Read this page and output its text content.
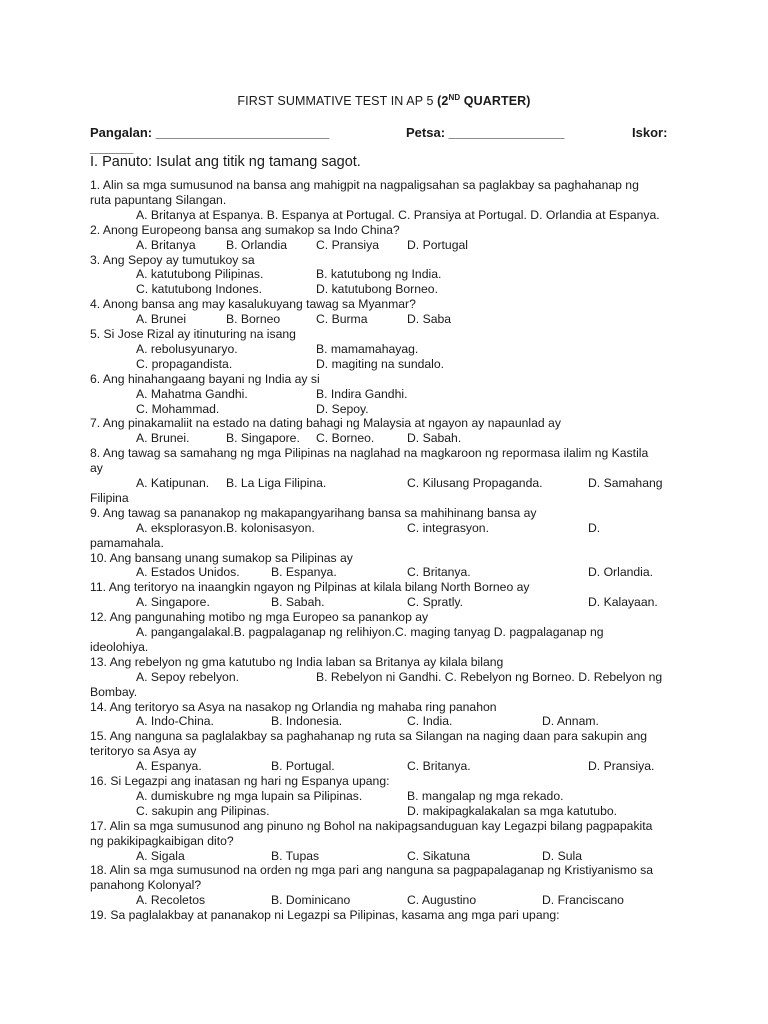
FIRST SUMMATIVE TEST IN AP 5 (2ND QUARTER)
Pangalan: ________________________	Petsa: ________________	Iskor:
______
I. Panuto: Isulat ang titik ng tamang sagot.
1. Alin sa mga sumusunod na bansa ang mahigpit na nagpaligsahan sa paglakbay sa paghahanap ng
ruta papuntang Silangan.
A. Britanya at Espanya. B. Espanya at Portugal. C. Pransiya at Portugal. D. Orlandia at Espanya.
2. Anong Europeong bansa ang sumakop sa Indo China?
A. Britanya B. Orlandia C. Pransiya D. Portugal
3. Ang Sepoy ay tumutukoy sa
A. katutubong Pilipinas.	B. katutubong ng India.
C. katutubong Indones.	D. katutubong Borneo.
4. Anong bansa ang may kasalukuyang tawag sa Myanmar?
A. Brunei	B. Borneo	C. Burma	D. Saba
5. Si Jose Rizal ay itinuturing na isang
A. rebolusyunaryo.	B. mamamahayag.
C. propagandista.	D. magiting na sundalo.
6. Ang hinahangaang bayani ng India ay si
A. Mahatma Gandhi.	B. Indira Gandhi.
C. Mohammad.	D. Sepoy.
7. Ang pinakamaliit na estado na dating bahagi ng Malaysia at ngayon ay napaunlad ay
A. Brunei.	B. Singapore. C. Borneo.	D. Sabah.
8. Ang tawag sa samahang ng mga Pilipinas na naglahad na magkaroon ng repormasa ilalim ng Kastila
ay
A. Katipunan. B. La Liga Filipina.	C. Kilusang Propaganda.	D. Samahang
Filipina
9. Ang tawag sa pananakop ng makapangyarihang bansa sa mahihinang bansa ay
A. eksplorasyon. B. kolonisasyon.	C. integrasyon.	D.
pamamahala.
10. Ang bansang unang sumakop sa Pilipinas ay
A. Estados Unidos.	B. Espanya.	C. Britanya.	D. Orlandia.
11. Ang teritoryo na inaangkin ngayon ng Pilpinas at kilala bilang North Borneo ay
A. Singapore.	B. Sabah.	C. Spratly.	D. Kalayaan.
12. Ang pangunahing motibo ng mga Europeo sa panankop ay
A. pangangalakal.B. pagpalaganap ng relihiyon.C. maging tanyag D. pagpalaganap ng
ideolohiya.
13. Ang rebelyon ng gma katutubo ng India laban sa Britanya ay kilala bilang
A. Sepoy rebelyon.	B. Rebelyon ni Gandhi. C. Rebelyon ng Borneo. D. Rebelyon ng
Bombay.
14. Ang teritoryo sa Asya na nasakop ng Orlandia ng mahaba ring panahon
A. Indo-China.	B. Indonesia.	C. India.	D. Annam.
15. Ang nanguna sa paglalakbay sa paghahanap ng ruta sa Silangan na naging daan para sakupin ang
teritoryo sa Asya ay
A. Espanya.	B. Portugal.	C. Britanya.	D. Pransiya.
16. Si Legazpi ang inatasan ng hari ng Espanya upang:
A. dumiskubre ng mga lupain sa Pilipinas.	B. mangalap ng mga rekado.
C. sakupin ang Pilipinas.	D. makipagkalakalan sa mga katutubo.
17. Alin sa mga sumusunod ang pinuno ng Bohol na nakipagsanduguan kay Legazpi bilang pagpapakita
ng pakikipagkaibigan dito?
A. Sigala	B. Tupas	C. Sikatuna	D. Sula
18. Alin sa mga sumusunod na orden ng mga pari ang nanguna sa pagpapalaganap ng Kristiyanismo sa
panahong Kolonyal?
A. Recoletos	B. Dominicano	C. Augustino	D. Franciscano
19. Sa paglalakbay at pananakop ni Legazpi sa Pilipinas, kasama ang mga pari upang:
